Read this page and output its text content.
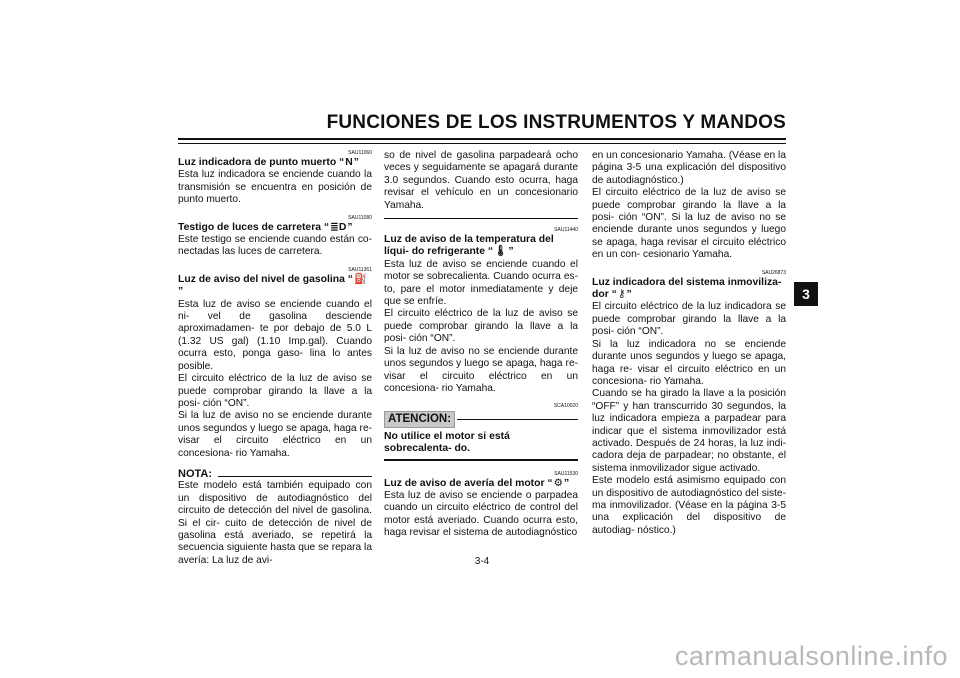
FUNCIONES DE LOS INSTRUMENTOS Y MANDOS
SAU11060
Luz indicadora de punto muerto “N”

Esta luz indicadora se enciende cuando la transmisión se encuentra en posición de punto muerto.

SAU11080
Testigo de luces de carretera “≣D”

Este testigo se enciende cuando están co- nectadas las luces de carretera.

SAU11361
Luz de aviso del nivel de gasolina “⛽”

Esta luz de aviso se enciende cuando el ni- vel de gasolina desciende aproximadamen- te por debajo de 5.0 L (1.32 US gal) (1.10 Imp.gal). Cuando ocurra esto, ponga gaso- lina lo antes posible.

El circuito eléctrico de la luz de aviso se puede comprobar girando la llave a la posi- ción “ON”.

Si la luz de aviso no se enciende durante unos segundos y luego se apaga, haga re- visar el circuito eléctrico en un concesiona- rio Yamaha.

NOTA:

Este modelo está también equipado con un dispositivo de autodiagnóstico del circuito de detección del nivel de gasolina. Si el cir- cuito de detección de nivel de gasolina está averiado, se repetirá la secuencia siguiente hasta que se repara la avería: La luz de avi-

so de nivel de gasolina parpadeará ocho veces y seguidamente se apagará durante 3.0 segundos. Cuando esto ocurra, haga revisar el vehículo en un concesionario Yamaha.

SAU11440
Luz de aviso de la temperatura del líqui- do refrigerante “🌡”

Esta luz de aviso se enciende cuando el motor se sobrecalienta. Cuando ocurra es- to, pare el motor inmediatamente y deje que se enfríe.

El circuito eléctrico de la luz de aviso se puede comprobar girando la llave a la posi- ción “ON”.

Si la luz de aviso no se enciende durante unos segundos y luego se apaga, haga re- visar el circuito eléctrico en un concesiona- rio Yamaha.

SCA10020
ATENCION:
No utilice el motor si está sobrecalenta- do.
SAU11530
Luz de aviso de avería del motor “⚙”

Esta luz de aviso se enciende o parpadea cuando un circuito eléctrico de control del motor está averiado. Cuando ocurra esto, haga revisar el sistema de autodiagnóstico

en un concesionario Yamaha. (Véase en la página 3-5 una explicación del dispositivo de autodiagnóstico.)

El circuito eléctrico de la luz de aviso se puede comprobar girando la llave a la posi- ción “ON”. Si la luz de aviso no se enciende durante unos segundos y luego se apaga, haga revisar el circuito eléctrico en un con- cesionario Yamaha.

SAU26873
Luz indicadora del sistema inmoviliza- dor “⚷”

El circuito eléctrico de la luz indicadora se puede comprobar girando la llave a la posi- ción “ON”.

Si la luz indicadora no se enciende durante unos segundos y luego se apaga, haga re- visar el circuito eléctrico en un concesiona- rio Yamaha.

Cuando se ha girado la llave a la posición “OFF” y han transcurrido 30 segundos, la luz indicadora empieza a parpadear para indicar que el sistema inmovilizador está activado. Después de 24 horas, la luz indi- cadora deja de parpadear; no obstante, el sistema inmovilizador sigue activado.

Este modelo está asimismo equipado con un dispositivo de autodiagnóstico del siste- ma inmovilizador. (Véase en la página 3-5 una explicación del dispositivo de autodiag- nóstico.)

3-4
3
carmanualsonline.info
